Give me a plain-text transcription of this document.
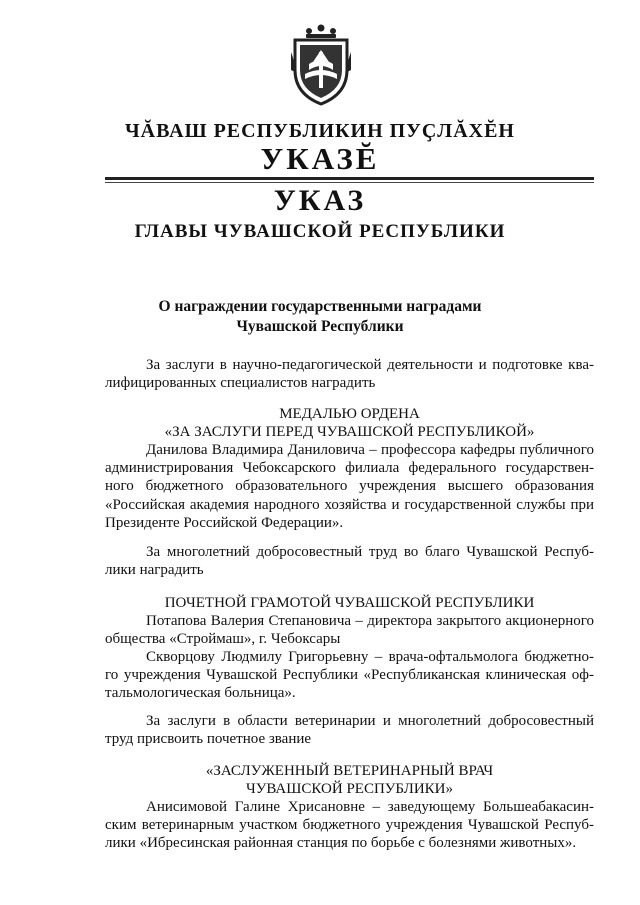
ЧĂВАШ РЕСПУБЛИКИН ПУҪЛĂХĔН
УКАЗĔ
УКАЗ
ГЛАВЫ ЧУВАШСКОЙ РЕСПУБЛИКИ
О награждении государственными наградами
Чувашской Республики
За заслуги в научно-педагогической деятельности и подготовке ква-
лифицированных специалистов наградить
МЕДАЛЬЮ ОРДЕНА
«ЗА ЗАСЛУГИ ПЕРЕД ЧУВАШСКОЙ РЕСПУБЛИКОЙ»
Данилова Владимира Даниловича – профессора кафедры публичного
администрирования Чебоксарского филиала федерального государствен-
ного бюджетного образовательного учреждения высшего образования
«Российская академия народного хозяйства и государственной службы при
Президенте Российской Федерации».
За многолетний добросовестный труд во благо Чувашской Респуб-
лики наградить
ПОЧЕТНОЙ ГРАМОТОЙ ЧУВАШСКОЙ РЕСПУБЛИКИ
Потапова Валерия Степановича – директора закрытого акционерного
общества «Строймаш», г. Чебоксары
Скворцову Людмилу Григорьевну – врача-офтальмолога бюджетно-
го учреждения Чувашской Республики «Республиканская клиническая оф-
тальмологическая больница».
За заслуги в области ветеринарии и многолетний добросовестный
труд присвоить почетное звание
«ЗАСЛУЖЕННЫЙ ВЕТЕРИНАРНЫЙ ВРАЧ
ЧУВАШСКОЙ РЕСПУБЛИКИ»
Анисимовой Галине Хрисановне – заведующему Большеабакасин-
ским ветеринарным участком бюджетного учреждения Чувашской Респуб-
лики «Ибресинская районная станция по борьбе с болезнями животных».
